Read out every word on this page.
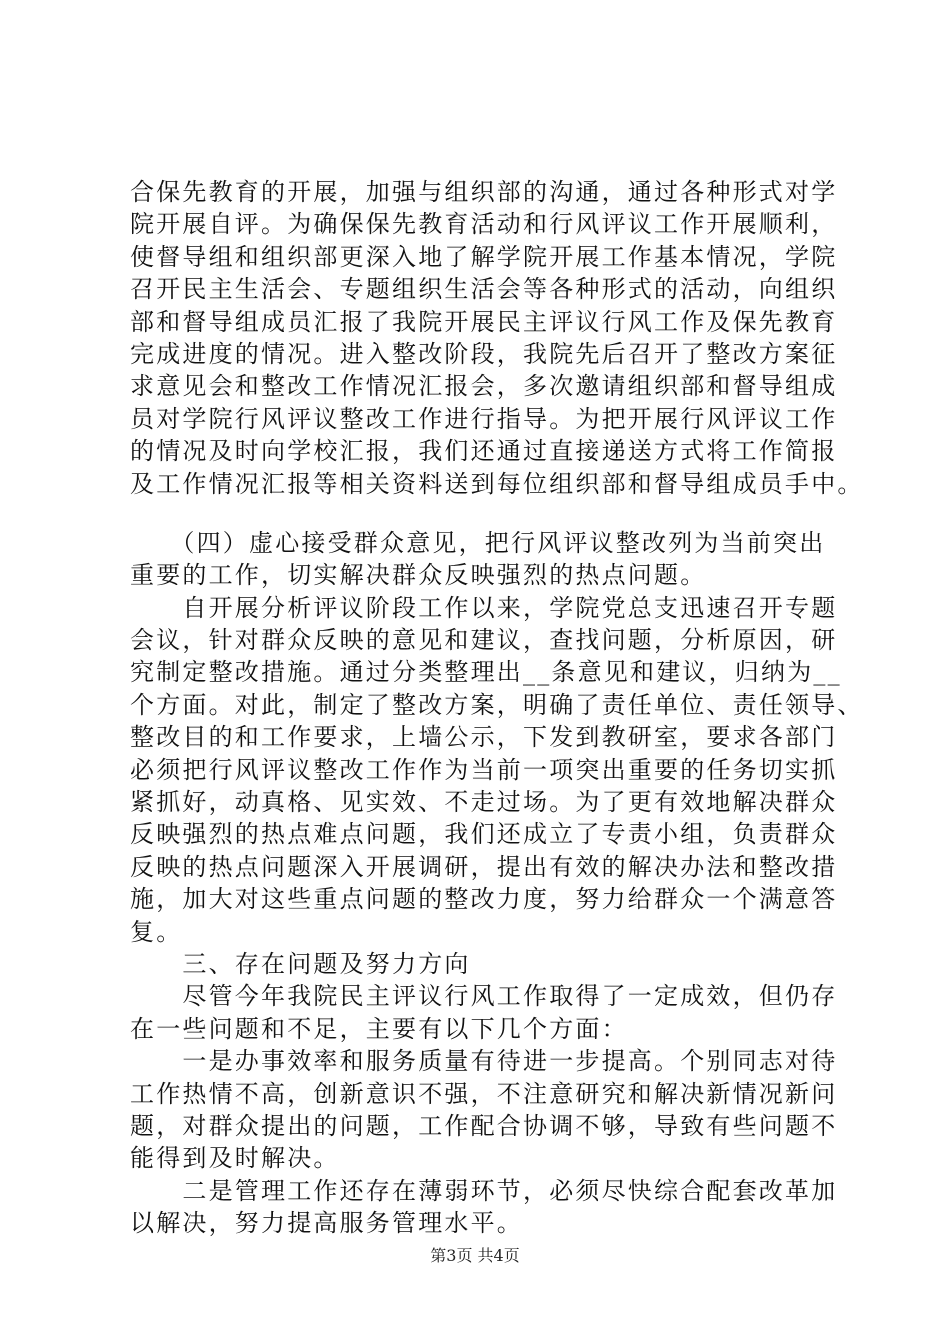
合保先教育的开展，加强与组织部的沟通，通过各种形式对学
院开展自评。为确保保先教育活动和行风评议工作开展顺利，
使督导组和组织部更深入地了解学院开展工作基本情况，学院
召开民主生活会、专题组织生活会等各种形式的活动，向组织
部和督导组成员汇报了我院开展民主评议行风工作及保先教育
完成进度的情况。进入整改阶段，我院先后召开了整改方案征
求意见会和整改工作情况汇报会，多次邀请组织部和督导组成
员对学院行风评议整改工作进行指导。为把开展行风评议工作
的情况及时向学校汇报，我们还通过直接递送方式将工作简报
及工作情况汇报等相关资料送到每位组织部和督导组成员手中。
　　（四）虚心接受群众意见，把行风评议整改列为当前突出
重要的工作，切实解决群众反映强烈的热点问题。
　　自开展分析评议阶段工作以来，学院党总支迅速召开专题
会议，针对群众反映的意见和建议，查找问题，分析原因，研
究制定整改措施。通过分类整理出__条意见和建议，归纳为__
个方面。对此，制定了整改方案，明确了责任单位、责任领导、
整改目的和工作要求，上墙公示，下发到教研室，要求各部门
必须把行风评议整改工作作为当前一项突出重要的任务切实抓
紧抓好，动真格、见实效、不走过场。为了更有效地解决群众
反映强烈的热点难点问题，我们还成立了专责小组，负责群众
反映的热点问题深入开展调研，提出有效的解决办法和整改措
施，加大对这些重点问题的整改力度，努力给群众一个满意答
复。
　　三、存在问题及努力方向
　　尽管今年我院民主评议行风工作取得了一定成效，但仍存
在一些问题和不足，主要有以下几个方面：
　　一是办事效率和服务质量有待进一步提高。个别同志对待
工作热情不高，创新意识不强，不注意研究和解决新情况新问
题，对群众提出的问题，工作配合协调不够，导致有些问题不
能得到及时解决。
　　二是管理工作还存在薄弱环节，必须尽快综合配套改革加
以解决，努力提高服务管理水平。
第3页 共4页
